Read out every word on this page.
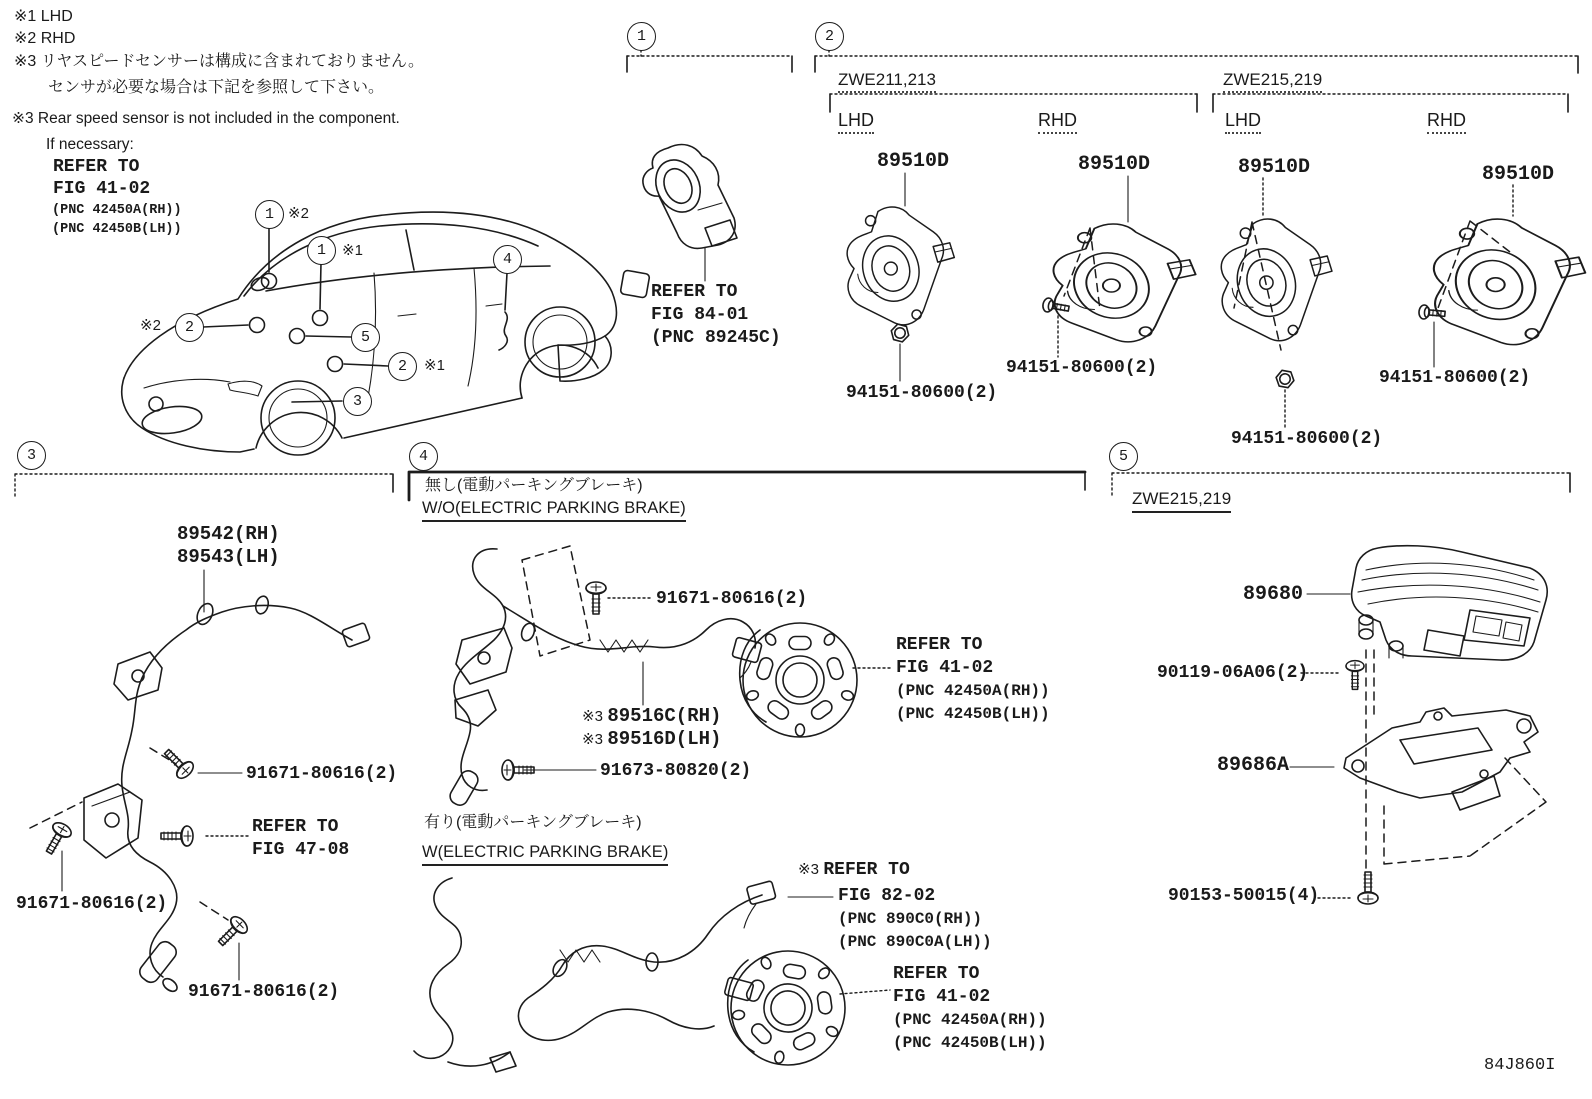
※1 LHD
※2 RHD
※3 リヤスピードセンサーは構成に含まれておりません。
センサが必要な場合は下記を参照して下さい。
※3 Rear speed sensor is not included in the component.
If necessary:
REFER TO
FIG 41-02
(PNC 42450A(RH))
(PNC 42450B(LH))
1 ※2
1	※1
※2	2
5
2	※1
3
4
1	2
3	4	5
REFER TO
FIG 84-01
(PNC 89245C)
ZWE211,213
LHD	RHD
ZWE215,219
LHD	RHD
89510D	89510D	89510D	89510D
94151-80600(2)
94151-80600(2)
94151-80600(2)
94151-80600(2)
89542(RH)
89543(LH)
91671-80616(2)
REFER TO
FIG 47-08
91671-80616(2)
91671-80616(2)
無し(電動パーキングブレーキ)
W/O(ELECTRIC PARKING BRAKE)
91671-80616(2)
※3 89516C(RH)
※3 89516D(LH)
91673-80820(2)
REFER TO
FIG 41-02
(PNC 42450A(RH))
(PNC 42450B(LH))
有り(電動パーキングブレーキ)
W(ELECTRIC PARKING BRAKE)
※3 REFER TO
FIG 82-02
(PNC 890C0(RH))
(PNC 890C0A(LH))
REFER TO
FIG 41-02
(PNC 42450A(RH))
(PNC 42450B(LH))
ZWE215,219
89680
90119-06A06(2)
89686A
90153-50015(4)
84J860I
